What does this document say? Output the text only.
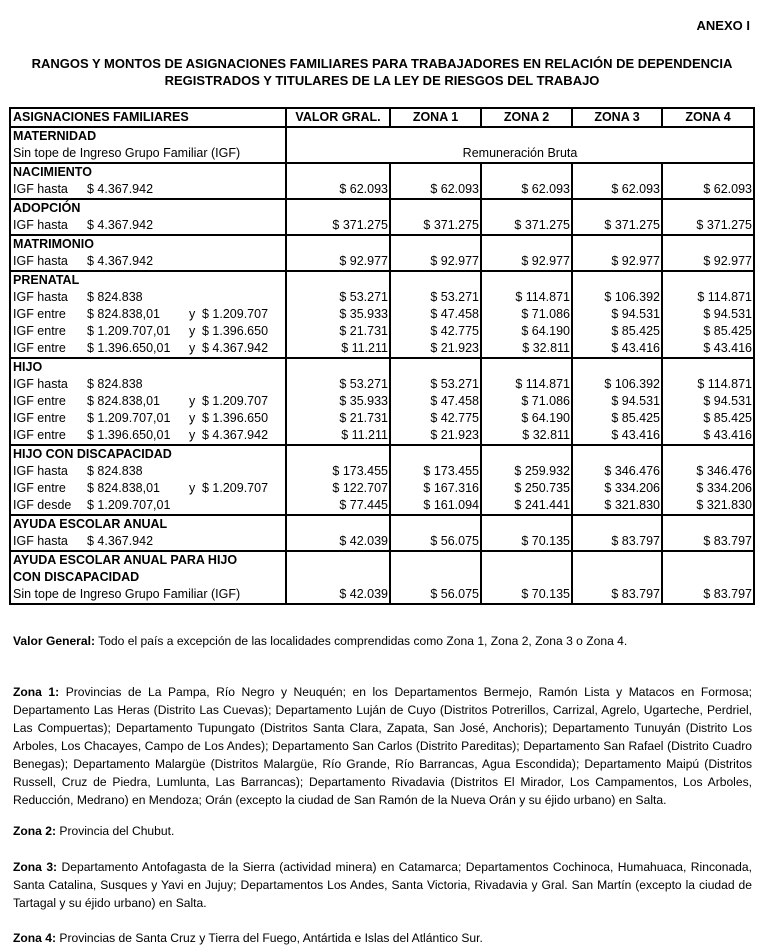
ANEXO I
RANGOS Y MONTOS DE ASIGNACIONES FAMILIARES PARA TRABAJADORES EN RELACIÓN DE DEPENDENCIA
REGISTRADOS Y TITULARES DE LA LEY DE RIESGOS DEL TRABAJO
ASIGNACIONES FAMILIARES	VALOR GRAL.	ZONA 1	ZONA 2	ZONA 3	ZONA 4
MATERNIDAD	Remuneración Bruta				
Sin tope de Ingreso Grupo Familiar (IGF)					
NACIMIENTO					

IGF hasta $ 4.367.942	$ 62.093	$ 62.093	$ 62.093	$ 62.093	$ 62.093
ADOPCIÓN					

IGF hasta $ 4.367.942	$ 371.275	$ 371.275	$ 371.275	$ 371.275	$ 371.275
MATRIMONIO					

IGF hasta $ 4.367.942	$ 92.977	$ 92.977	$ 92.977	$ 92.977	$ 92.977
PRENATAL					

IGF hasta $ 824.838	$ 53.271	$ 53.271	$ 114.871	$ 106.392	$ 114.871

IGF entre $ 824.838,01 y $ 1.209.707	$ 35.933	$ 47.458	$ 71.086	$ 94.531	$ 94.531

IGF entre $ 1.209.707,01 y $ 1.396.650	$ 21.731	$ 42.775	$ 64.190	$ 85.425	$ 85.425

IGF entre $ 1.396.650,01 y $ 4.367.942	$ 11.211	$ 21.923	$ 32.811	$ 43.416	$ 43.416
HIJO					

IGF hasta $ 824.838	$ 53.271	$ 53.271	$ 114.871	$ 106.392	$ 114.871

IGF entre $ 824.838,01 y $ 1.209.707	$ 35.933	$ 47.458	$ 71.086	$ 94.531	$ 94.531

IGF entre $ 1.209.707,01 y $ 1.396.650	$ 21.731	$ 42.775	$ 64.190	$ 85.425	$ 85.425

IGF entre $ 1.396.650,01 y $ 4.367.942	$ 11.211	$ 21.923	$ 32.811	$ 43.416	$ 43.416
HIJO CON DISCAPACIDAD					

IGF hasta $ 824.838	$ 173.455	$ 173.455	$ 259.932	$ 346.476	$ 346.476

IGF entre $ 824.838,01 y $ 1.209.707	$ 122.707	$ 167.316	$ 250.735	$ 334.206	$ 334.206

IGF desde $ 1.209.707,01	$ 77.445	$ 161.094	$ 241.441	$ 321.830	$ 321.830
AYUDA ESCOLAR ANUAL					

IGF hasta $ 4.367.942	$ 42.039	$ 56.075	$ 70.135	$ 83.797	$ 83.797
AYUDA ESCOLAR ANUAL PARA HIJO					
CON DISCAPACIDAD					
Sin tope de Ingreso Grupo Familiar (IGF)	$ 42.039	$ 56.075	$ 70.135	$ 83.797	$ 83.797
Valor General: Todo el país a excepción de las localidades comprendidas como Zona 1, Zona 2, Zona 3 o Zona 4.
Zona 1: Provincias de La Pampa, Río Negro y Neuquén; en los Departamentos Bermejo, Ramón Lista y Matacos en Formosa; Departamento Las Heras (Distrito Las Cuevas); Departamento Luján de Cuyo (Distritos Potrerillos, Carrizal, Agrelo, Ugarteche, Perdriel, Las Compuertas); Departamento Tupungato (Distritos Santa Clara, Zapata, San José, Anchoris); Departamento Tunuyán (Distrito Los Arboles, Los Chacayes, Campo de Los Andes); Departamento San Carlos (Distrito Pareditas); Departamento San Rafael (Distrito Cuadro Benegas); Departamento Malargüe (Distritos Malargüe, Río Grande, Río Barrancas, Agua Escondida); Departamento Maipú (Distritos Russell, Cruz de Piedra, Lumlunta, Las Barrancas); Departamento Rivadavia (Distritos El Mirador, Los Campamentos, Los Arboles, Reducción, Medrano) en Mendoza; Orán (excepto la ciudad de San Ramón de la Nueva Orán y su éjido urbano) en Salta.
Zona 2: Provincia del Chubut.
Zona 3: Departamento Antofagasta de la Sierra (actividad minera) en Catamarca; Departamentos Cochinoca, Humahuaca, Rinconada, Santa Catalina, Susques y Yavi en Jujuy; Departamentos Los Andes, Santa Victoria, Rivadavia y Gral. San Martín (excepto la ciudad de Tartagal y su éjido urbano) en Salta.
Zona 4: Provincias de Santa Cruz y Tierra del Fuego, Antártida e Islas del Atlántico Sur.
